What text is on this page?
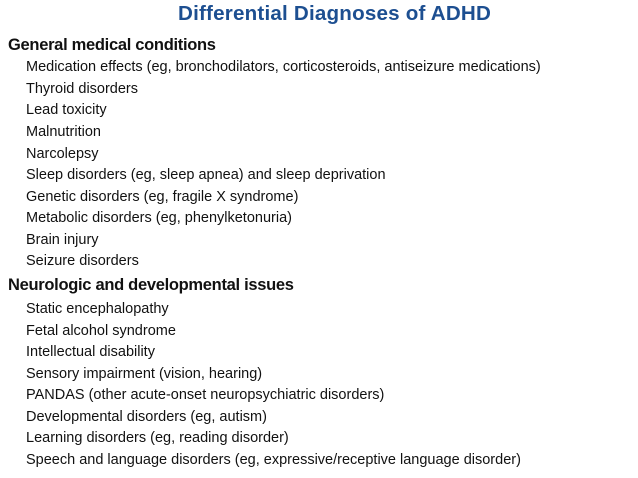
Differential Diagnoses of ADHD
General medical conditions
Medication effects (eg, bronchodilators, corticosteroids, antiseizure medications)
Thyroid disorders
Lead toxicity
Malnutrition
Narcolepsy
Sleep disorders (eg, sleep apnea) and sleep deprivation
Genetic disorders (eg, fragile X syndrome)
Metabolic disorders (eg, phenylketonuria)
Brain injury
Seizure disorders
Neurologic and developmental issues
Static encephalopathy
Fetal alcohol syndrome
Intellectual disability
Sensory impairment (vision, hearing)
PANDAS (other acute-onset neuropsychiatric disorders)
Developmental disorders (eg, autism)
Learning disorders (eg, reading disorder)
Speech and language disorders (eg, expressive/receptive language disorder)
